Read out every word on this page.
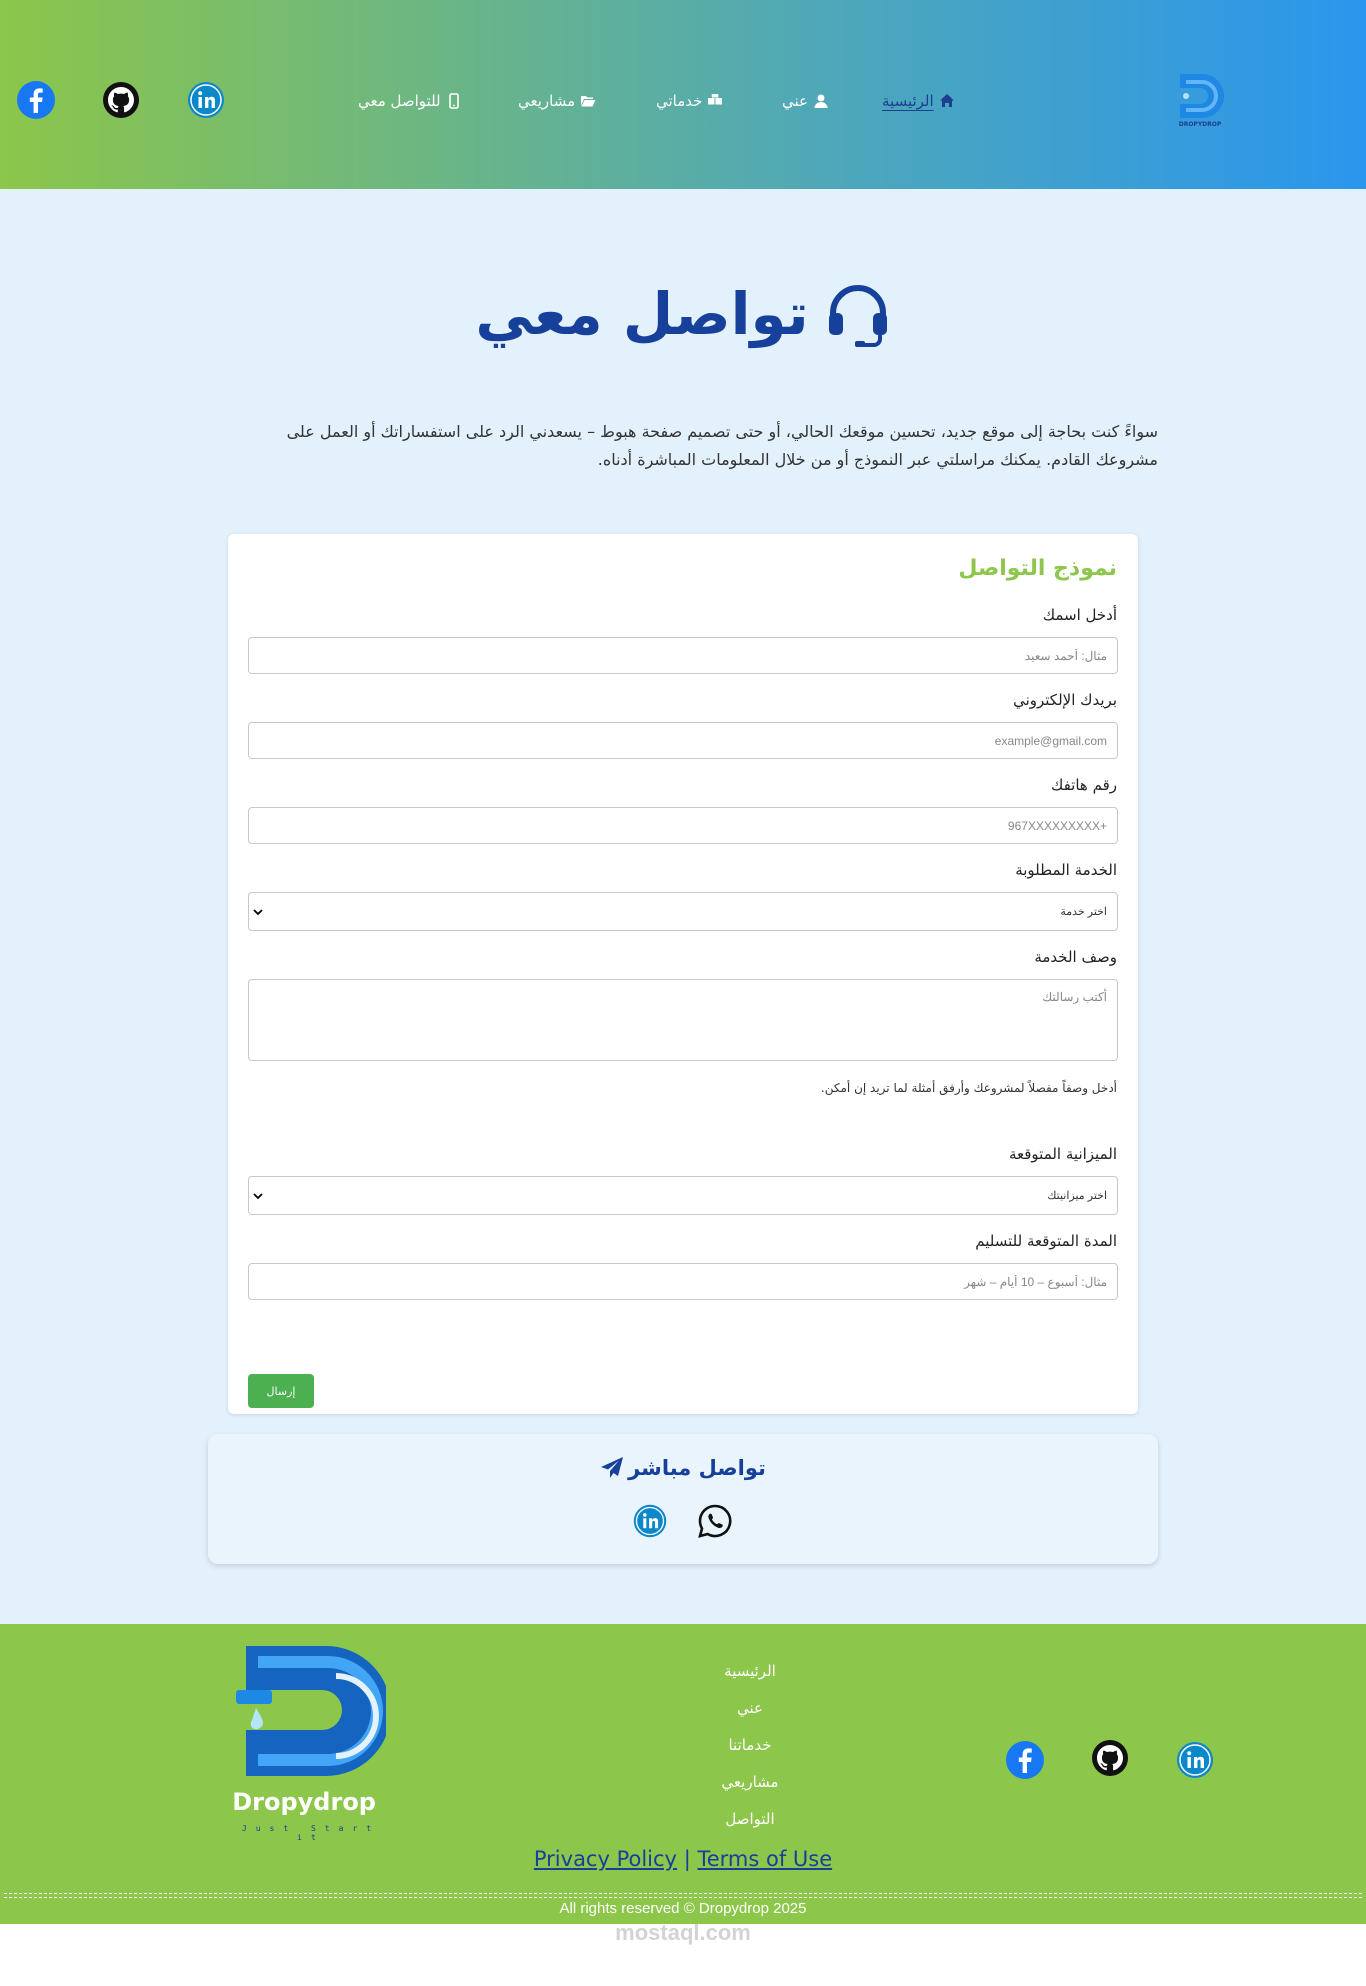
DROPYDROP
الرئيسية
عني
خدماتي
مشاريعي
للتواصل معي
تواصل معي

سواءً كنت بحاجة إلى موقع جديد، تحسين موقعك الحالي، أو حتى تصميم صفحة هبوط – يسعدني الرد على استفساراتك أو العمل على مشروعك القادم. يمكنك مراسلتي عبر النموذج أو من خلال المعلومات المباشرة أدناه.

نموذج التواصل
أدخل اسمك
مثال: أحمد سعيد
بريدك الإلكتروني
example@gmail.com
رقم هاتفك
+967XXXXXXXXX
الخدمة المطلوبة
اختر خدمة
وصف الخدمة
أكتب رسالتك

أدخل وصفاً مفصلاً لمشروعك وأرفق أمثلة لما تريد إن أمكن.

الميزانية المتوقعة
اختر ميزانيتك
المدة المتوقعة للتسليم
مثال: أسبوع – 10 أيام – شهر
إرسال
تواصل مباشر
Dropydrop
Just Start it
الرئيسية
عني
خدماتنا
مشاريعي
التواصل
Privacy Policy | Terms of Use
All rights reserved © Dropydrop 2025
mostaql.com
